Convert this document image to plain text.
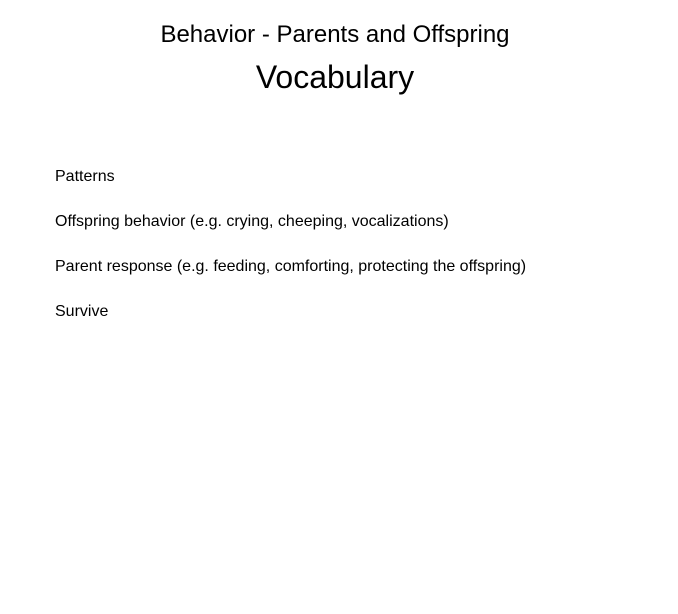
Behavior - Parents and Offspring
Vocabulary
Patterns
Offspring behavior (e.g. crying, cheeping, vocalizations)
Parent response (e.g. feeding, comforting, protecting the offspring)
Survive
